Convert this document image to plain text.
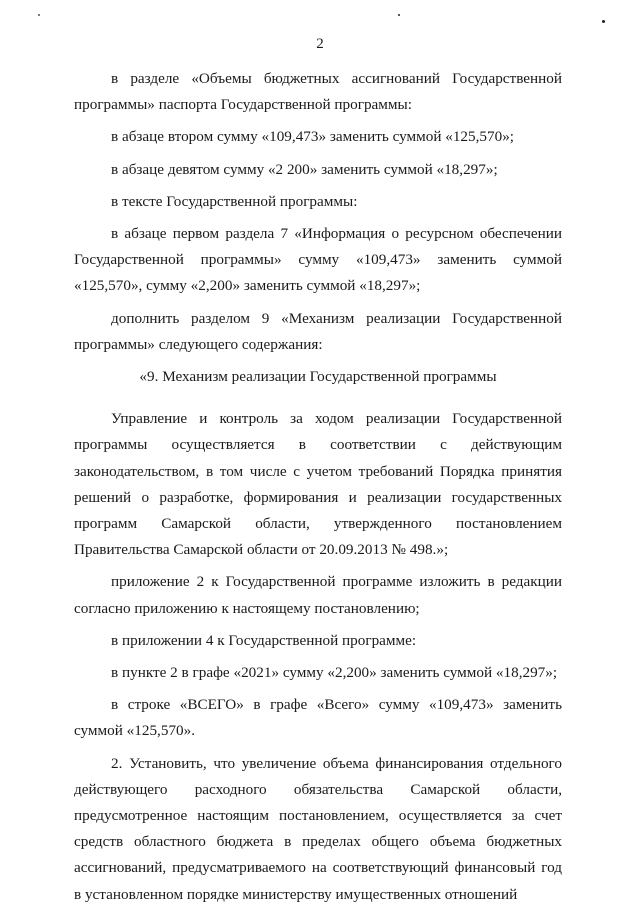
2

в разделе «Объемы бюджетных ассигнований Государственной программы» паспорта Государственной программы:

в абзаце втором сумму «109,473» заменить суммой «125,570»;

в абзаце девятом сумму «2 200» заменить суммой «18,297»;

в тексте Государственной программы:

в абзаце первом раздела 7 «Информация о ресурсном обеспечении Государственной программы» сумму «109,473» заменить суммой «125,570», сумму «2,200» заменить суммой «18,297»;

дополнить разделом 9 «Механизм реализации Государственной программы» следующего содержания:

«9. Механизм реализации Государственной программы

Управление и контроль за ходом реализации Государственной программы осуществляется в соответствии с действующим законодательством, в том числе с учетом требований Порядка принятия решений о разработке, формирования и реализации государственных программ Самарской области, утвержденного постановлением Правительства Самарской области от 20.09.2013 № 498.»;

приложение 2 к Государственной программе изложить в редакции согласно приложению к настоящему постановлению;

в приложении 4 к Государственной программе:

в пункте 2 в графе «2021» сумму «2,200» заменить суммой «18,297»;

в строке «ВСЕГО» в графе «Всего» сумму «109,473» заменить суммой «125,570».

2. Установить, что увеличение объема финансирования отдельного действующего расходного обязательства Самарской области, предусмотренное настоящим постановлением, осуществляется за счет средств областного бюджета в пределах общего объема бюджетных ассигнований, предусматриваемого на соответствующий финансовый год в установленном порядке министерству имущественных отношений
